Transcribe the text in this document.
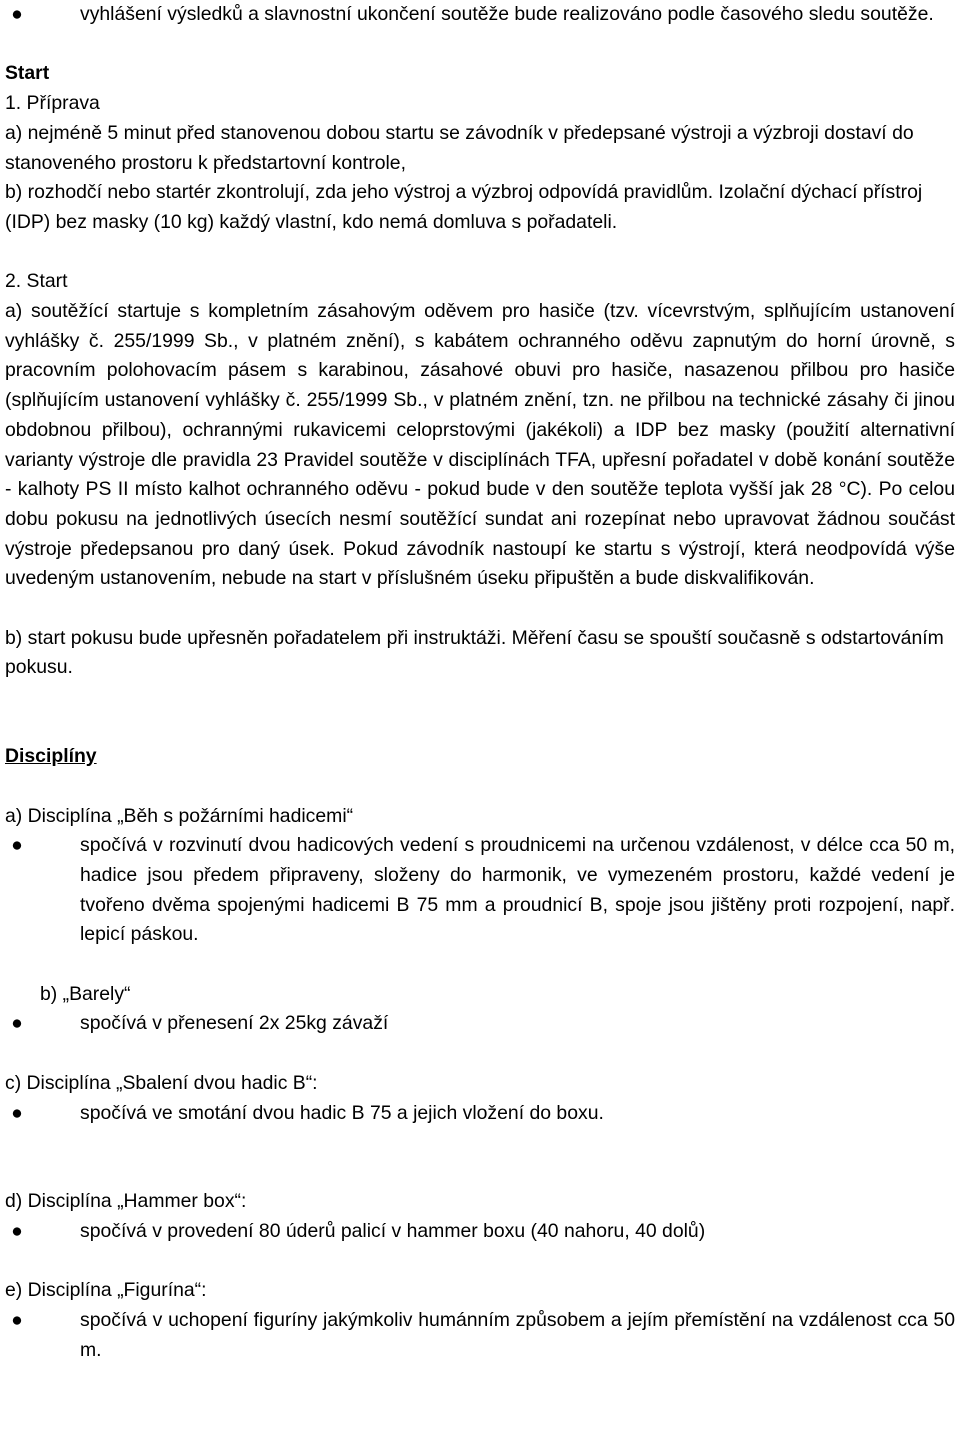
●	vyhlášení výsledků a slavnostní ukončení soutěže bude realizováno podle časového sledu soutěže.

Start

1. Příprava

a) nejméně 5 minut před stanovenou dobou startu se závodník v předepsané výstroji a výzbroji dostaví do stanoveného prostoru k předstartovní kontrole,

b) rozhodčí nebo startér zkontrolují, zda jeho výstroj a výzbroj odpovídá pravidlům. Izolační dýchací přístroj (IDP) bez masky (10 kg) každý vlastní, kdo nemá domluva s pořadateli.

2. Start

a) soutěžící startuje s kompletním zásahovým oděvem pro hasiče (tzv. vícevrstvým, splňujícím ustanovení vyhlášky č. 255/1999 Sb., v platném znění), s kabátem ochranného oděvu zapnutým do horní úrovně, s pracovním polohovacím pásem s karabinou, zásahové obuvi pro hasiče, nasazenou přilbou pro hasiče (splňujícím ustanovení vyhlášky č. 255/1999 Sb., v platném znění, tzn. ne přilbou na technické zásahy či jinou obdobnou přilbou), ochrannými rukavicemi celoprstovými (jakékoli) a IDP bez masky (použití alternativní varianty výstroje dle pravidla 23 Pravidel soutěže v disciplínách TFA, upřesní pořadatel v době konání soutěže - kalhoty PS II místo kalhot ochranného oděvu - pokud bude v den soutěže teplota vyšší jak 28 °C). Po celou dobu pokusu na jednotlivých úsecích nesmí soutěžící sundat ani rozepínat nebo upravovat žádnou součást výstroje předepsanou pro daný úsek. Pokud závodník nastoupí ke startu s výstrojí, která neodpovídá výše uvedeným ustanovením, nebude na start v příslušném úseku připuštěn a bude diskvalifikován.

b) start pokusu bude upřesněn pořadatelem při instruktáži. Měření času se spouští současně s odstartováním pokusu.

Disciplíny

a) Disciplína „Běh s požárními hadicemi“

●	spočívá v rozvinutí dvou hadicových vedení s proudnicemi na určenou vzdálenost, v délce cca 50 m, hadice jsou předem připraveny, složeny do harmonik, ve vymezeném prostoru, každé vedení je tvořeno dvěma spojenými hadicemi B 75 mm a proudnicí B, spoje jsou jištěny proti rozpojení, např. lepicí páskou.

b) „Barely“

●	spočívá v přenesení 2x 25kg závaží

c) Disciplína „Sbalení dvou hadic B“:

●	spočívá ve smotání dvou hadic B 75 a jejich vložení do boxu.

d) Disciplína „Hammer box“:

●	spočívá v provedení 80 úderů palicí v hammer boxu (40 nahoru, 40 dolů)

e) Disciplína „Figurína“:

●	spočívá v uchopení figuríny jakýmkoliv humánním způsobem a jejím přemístění na vzdálenost cca 50 m.
